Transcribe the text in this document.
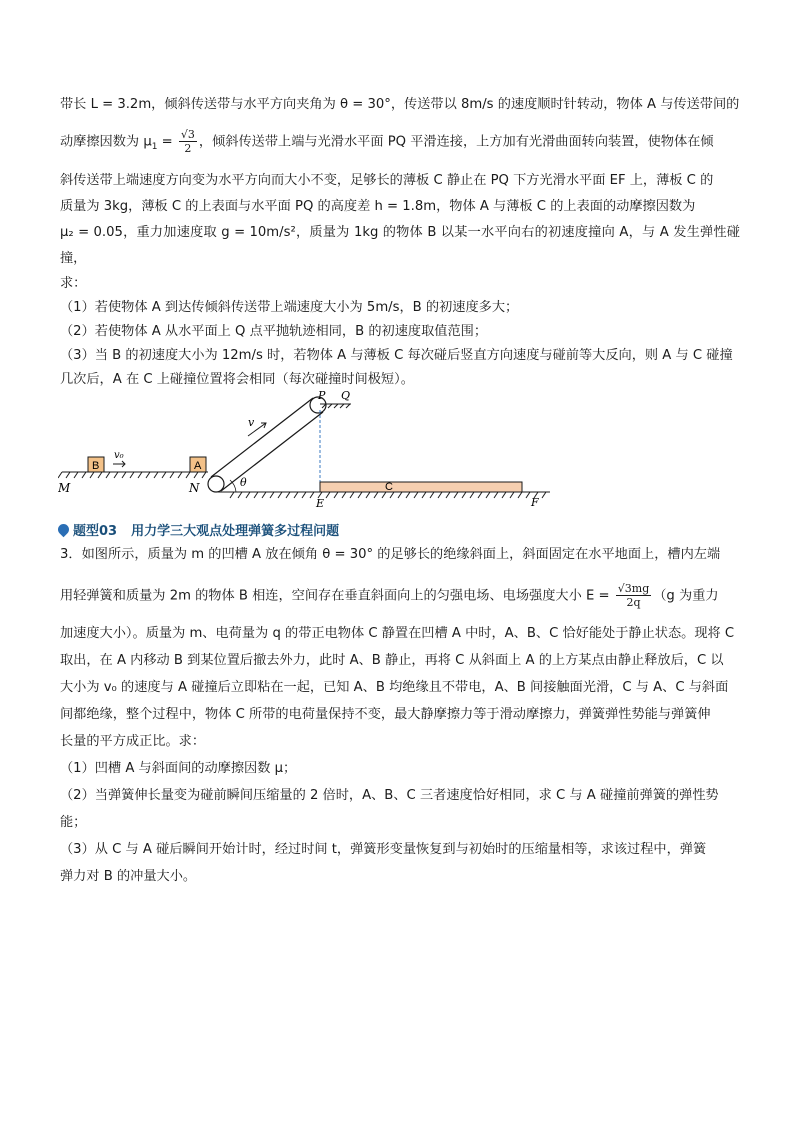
带长 L = 3.2m，倾斜传送带与水平方向夹角为 θ = 30°，传送带以 8m/s 的速度顺时针转动，物体 A 与传送带间的

动摩擦因数为 $\mu_1 = \frac{√3}{2}$ ，倾斜传送带上端与光滑水平面 PQ 平滑连接，上方加有光滑曲面转向装置，使物体在倾

斜传送带上端速度方向变为水平方向而大小不变，足够长的薄板 C 静止在 PQ 下方光滑水平面 EF 上，薄板 C 的

质量为 3kg，薄板 C 的上表面与水平面 PQ 的高度差 h = 1.8m，物体 A 与薄板 C 的上表面的动摩擦因数为

μ₂ = 0.05，重力加速度取 g = 10m/s²，质量为 1kg 的物体 B 以某一水平向右的初速度撞向 A，与 A 发生弹性碰撞，

求：

（1）若使物体 A 到达传倾斜传送带上端速度大小为 5m/s，B 的初速度多大；

（2）若使物体 A 从水平面上 Q 点平抛轨迹相同，B 的初速度取值范围；

（3）当 B 的初速度大小为 12m/s 时，若物体 A 与薄板 C 每次碰后竖直方向速度与碰前等大反向，则 A 与 C 碰撞

几次后，A 在 C 上碰撞位置将会相同（每次碰撞时间极短）。

M
B
v₀
A
N
v
θ
P Q
C
E	F
题型03 用力学三大观点处理弹簧多过程问题

3．如图所示，质量为 m 的凹槽 A 放在倾角 θ = 30° 的足够长的绝缘斜面上，斜面固定在水平地面上，槽内左端

用轻弹簧和质量为 2m 的物体 B 相连，空间存在垂直斜面向上的匀强电场、电场强度大小 $E = \frac{√3mg}{2q} (g$ 为重力

加速度大小）。质量为 m、电荷量为 q 的带正电物体 C 静置在凹槽 A 中时，A、B、C 恰好能处于静止状态。现将 C

取出，在 A 内移动 B 到某位置后撤去外力，此时 A、B 静止，再将 C 从斜面上 A 的上方某点由静止释放后，C 以

大小为 v₀ 的速度与 A 碰撞后立即粘在一起，已知 A、B 均绝缘且不带电，A、B 间接触面光滑，C 与 A、C 与斜面

间都绝缘，整个过程中，物体 C 所带的电荷量保持不变，最大静摩擦力等于滑动摩擦力，弹簧弹性势能与弹簧伸

长量的平方成正比。求：

（1）凹槽 A 与斜面间的动摩擦因数 μ；

（2）当弹簧伸长量变为碰前瞬间压缩量的 2 倍时，A、B、C 三者速度恰好相同，求 C 与 A 碰撞前弹簧的弹性势

能；

（3）从 C 与 A 碰后瞬间开始计时，经过时间 t，弹簧形变量恢复到与初始时的压缩量相等，求该过程中，弹簧

弹力对 B 的冲量大小。
